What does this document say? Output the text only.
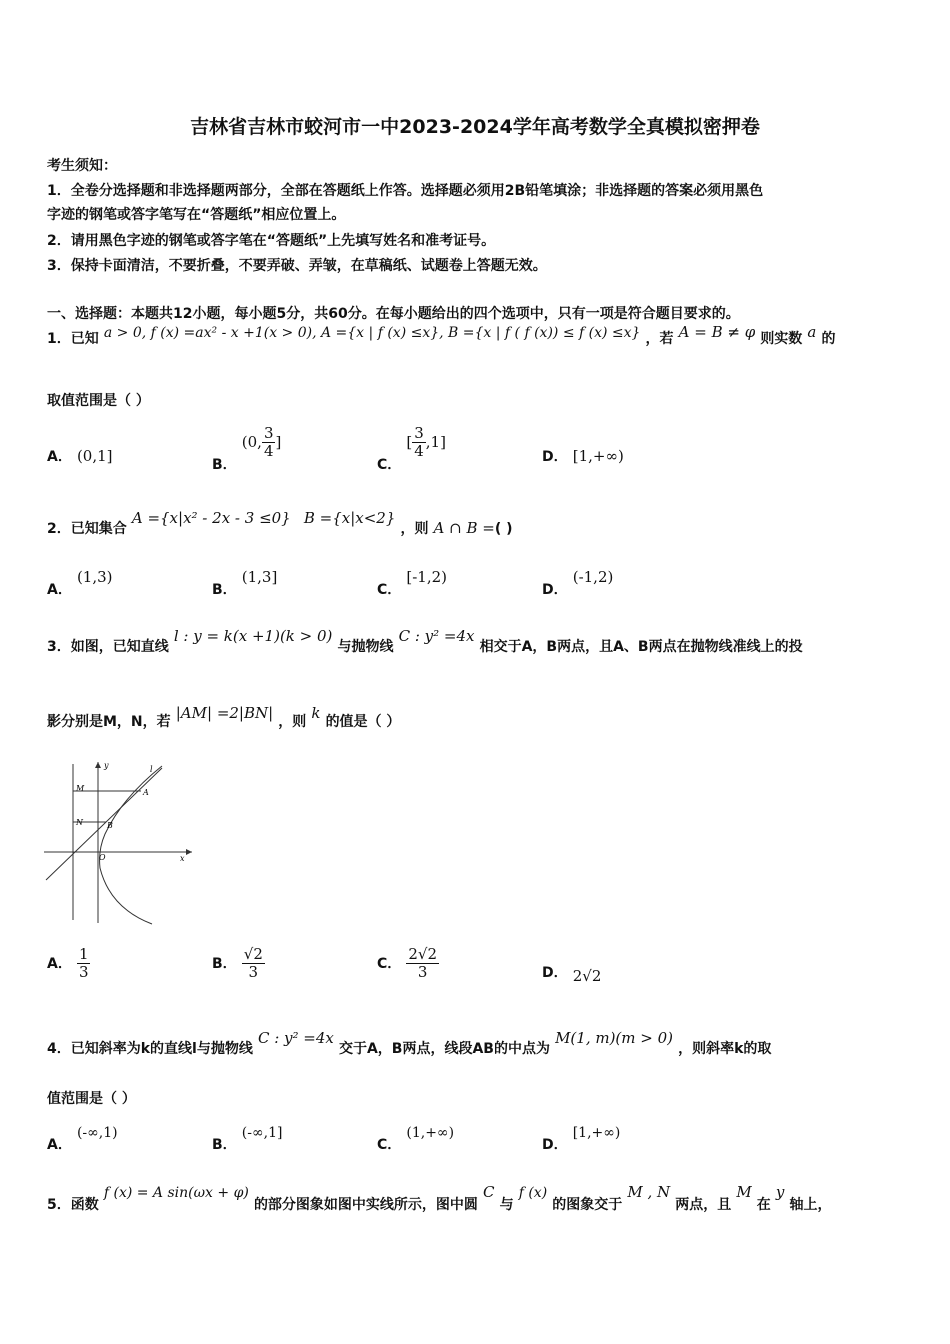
吉林省吉林市蛟河市一中2023-2024学年高考数学全真模拟密押卷
考生须知：
1．全卷分选择题和非选择题两部分，全部在答题纸上作答。选择题必须用2B铅笔填涂；非选择题的答案必须用黑色
字迹的钢笔或答字笔写在“答题纸”相应位置上。
2．请用黑色字迹的钢笔或答字笔在“答题纸”上先填写姓名和准考证号。
3．保持卡面清洁，不要折叠，不要弄破、弄皱，在草稿纸、试题卷上答题无效。
一、选择题：本题共12小题，每小题5分，共60分。在每小题给出的四个选项中，只有一项是符合题目要求的。
1．已知 a > 0, f (x) =ax² - x +1(x > 0), A ={x | f (x) ≤x}, B ={x | f ( f (x)) ≤ f (x) ≤x} ，若 A = B ≠ φ 则实数 a 的
取值范围是（ ）
A． (0,1]	B． (0, $\frac{3}{4}$ ]
C． [ $\frac{3}{4} ,1$]
D． [1,+∞)
2．已知集合 A ={x|x² - 2x - 3 ≤0} B ={x|x<2} ，则 A ∩ B =( )
A． (1,3)
B． (1,3]
C． [-1,2)
D． (-1,2)
3．如图，已知直线 l : y = k(x +1)(k > 0) 与抛物线 C : y² =4x 相交于A，B两点，且A、B两点在抛物线准线上的投
影分别是M，N，若 |AM| =2|BN| ，则 k 的值是（ ）
y
x
l
M	A
N	B
O
A． $\frac{1}{3}$	B． $\frac{√2}{3}$	C． $\frac{2√2}{3}$	D． 2√2
4．已知斜率为k的直线l与抛物线 C : y² =4x 交于A，B两点，线段AB的中点为 M(1, m)(m > 0) ，则斜率k的取
值范围是（ ）
A． (-∞,1)
B． (-∞,1]
C． (1,+∞)
D． [1,+∞)
5．函数 f (x) = A sin(ωx + φ) 的部分图象如图中实线所示，图中圆 C 与 f (x) 的图象交于 M , N 两点，且 M 在 y 轴上，
